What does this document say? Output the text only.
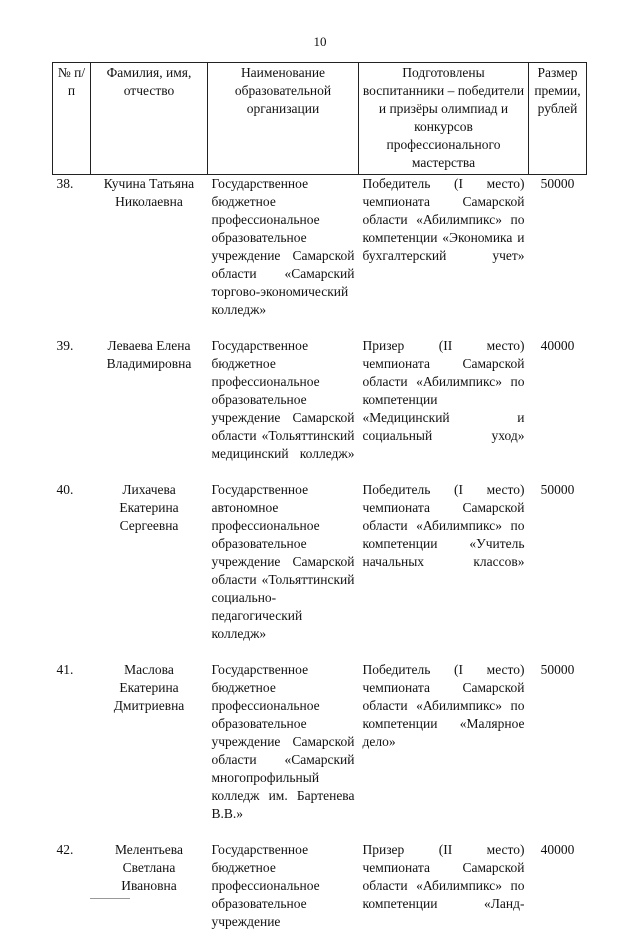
10
№ п/п	Фамилия, имя, отчество	Наименование образовательной организации	Подготовлены воспитанники – победители и призёры олимпиад и конкурсов профессионального мастерства	Размер премии, рублей
38.	Кучина Татьяна Николаевна	Государственное бюджетное профессиональное образовательное учреждение Самарской области «Самарский торгово-экономический колледж»	Победитель (I место) чемпионата Самарской области «Абилимпикс» по компетенции «Экономика и бухгалтерский учет»	50000
39.	Леваева Елена Владимировна	Государственное бюджетное профессиональное образовательное учреждение Самарской области «Тольяттинский медицинский колледж»	Призер (II место) чемпионата Самарской области «Абилимпикс» по компетенции «Медицинский и социальный уход»	40000
40.	Лихачева Екатерина Сергеевна	Государственное автономное профессиональное образовательное учреждение Самарской области «Тольяттинский социально-педагогический колледж»	Победитель (I место) чемпионата Самарской области «Абилимпикс» по компетенции «Учитель начальных классов»	50000
41.	Маслова Екатерина Дмитриевна	Государственное бюджетное профессиональное образовательное учреждение Самарской области «Самарский многопрофильный колледж им. Бартенева В.В.»	Победитель (I место) чемпионата Самарской области «Абилимпикс» по компетенции «Малярное дело»	50000
42.	Мелентьева Светлана Ивановна	Государственное бюджетное профессиональное образовательное учреждение	Призер (II место) чемпионата Самарской области «Абилимпикс» по компетенции «Ланд-	40000
